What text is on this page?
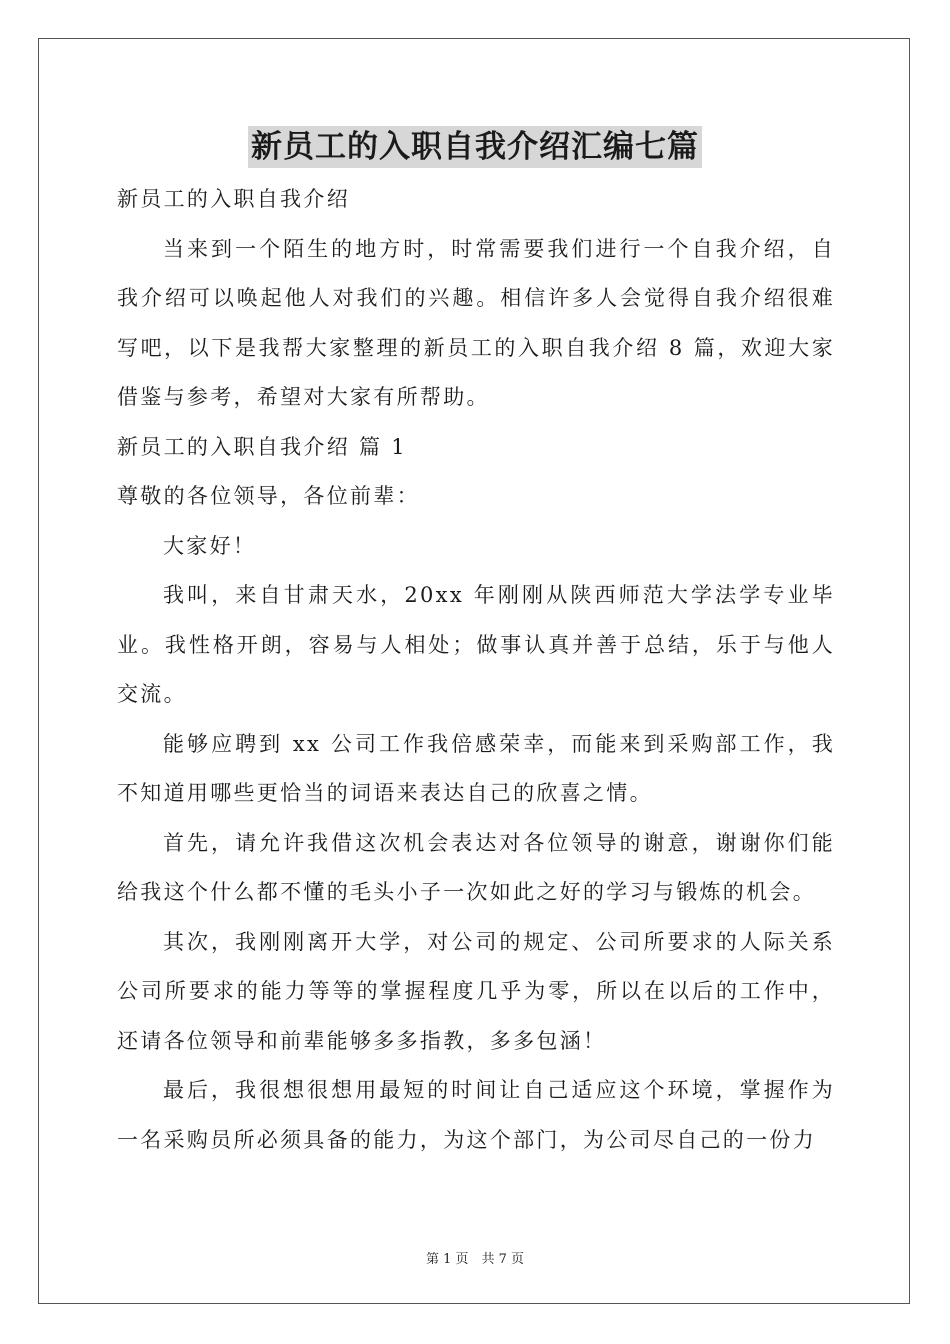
新员工的入职自我介绍汇编七篇
新员工的入职自我介绍

当来到一个陌生的地方时，时常需要我们进行一个自我介绍，自我介绍可以唤起他人对我们的兴趣。相信许多人会觉得自我介绍很难写吧，以下是我帮大家整理的新员工的入职自我介绍 8 篇，欢迎大家借鉴与参考，希望对大家有所帮助。

新员工的入职自我介绍 篇 1
尊敬的各位领导，各位前辈：

大家好！

我叫，来自甘肃天水，20xx 年刚刚从陕西师范大学法学专业毕业。我性格开朗，容易与人相处；做事认真并善于总结，乐于与他人交流。

能够应聘到 xx 公司工作我倍感荣幸，而能来到采购部工作，我不知道用哪些更恰当的词语来表达自己的欣喜之情。

首先，请允许我借这次机会表达对各位领导的谢意，谢谢你们能给我这个什么都不懂的毛头小子一次如此之好的学习与锻炼的机会。

其次，我刚刚离开大学，对公司的规定、公司所要求的人际关系公司所要求的能力等等的掌握程度几乎为零，所以在以后的工作中，还请各位领导和前辈能够多多指教，多多包涵！

最后，我很想很想用最短的时间让自己适应这个环境，掌握作为一名采购员所必须具备的能力，为这个部门，为公司尽自己的一份力

第 1 页　共 7 页
